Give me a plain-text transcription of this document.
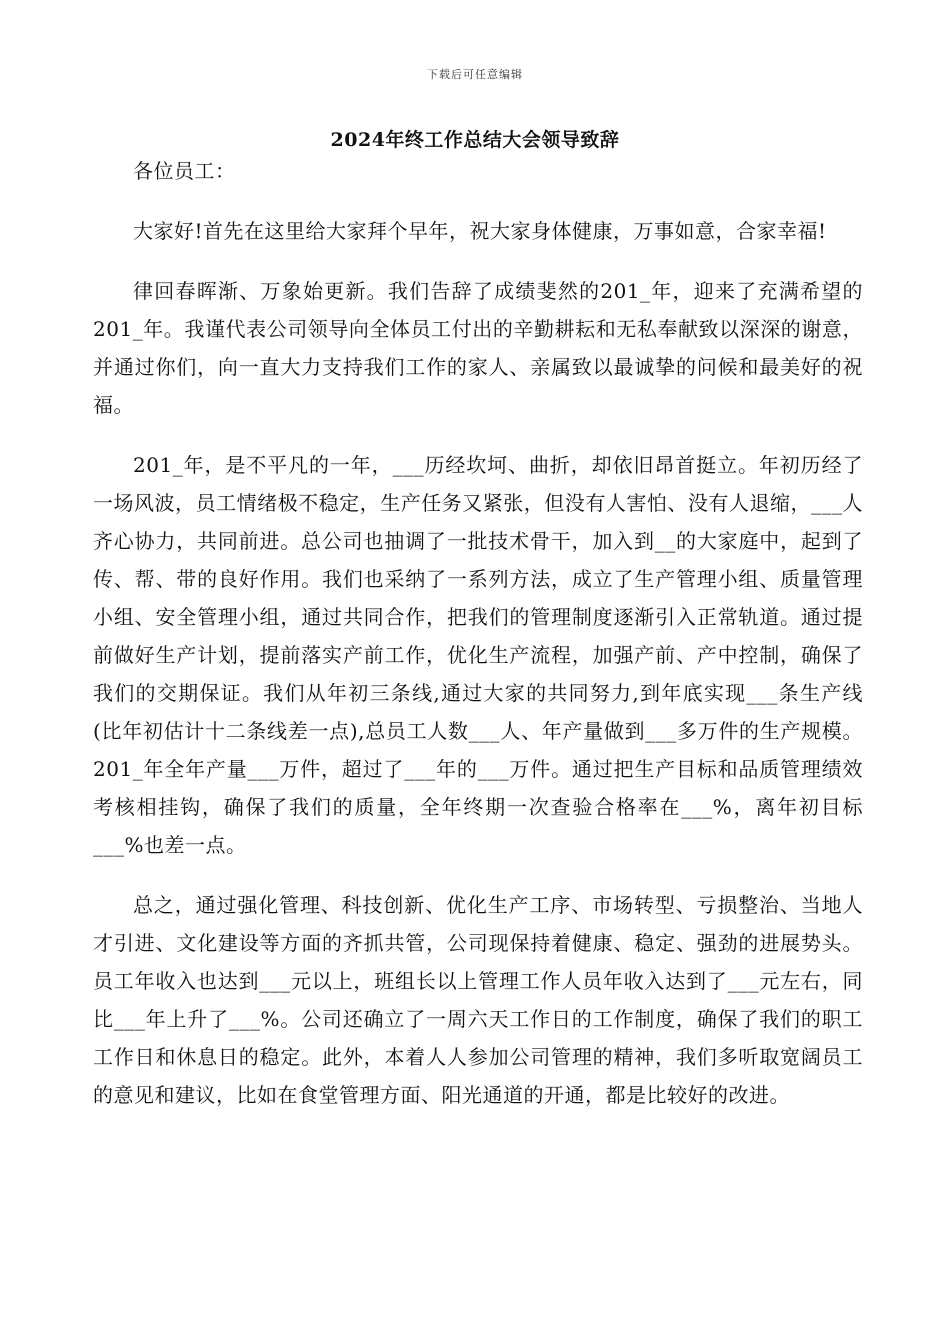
下载后可任意编辑
2024年终工作总结大会领导致辞

各位员工：

大家好!首先在这里给大家拜个早年，祝大家身体健康，万事如意，合家幸福!

律回春晖渐、万象始更新。我们告辞了成绩斐然的201_年，迎来了充满希望的201_年。我谨代表公司领导向全体员工付出的辛勤耕耘和无私奉献致以深深的谢意，并通过你们，向一直大力支持我们工作的家人、亲属致以最诚挚的问候和最美好的祝福。

201_年，是不平凡的一年，___历经坎坷、曲折，却依旧昂首挺立。年初历经了一场风波，员工情绪极不稳定，生产任务又紧张，但没有人害怕、没有人退缩，___人齐心协力，共同前进。总公司也抽调了一批技术骨干，加入到__的大家庭中，起到了传、帮、带的良好作用。我们也采纳了一系列方法，成立了生产管理小组、质量管理小组、安全管理小组，通过共同合作，把我们的管理制度逐渐引入正常轨道。通过提前做好生产计划，提前落实产前工作，优化生产流程，加强产前、产中控制，确保了我们的交期保证。我们从年初三条线,通过大家的共同努力,到年底实现___条生产线(比年初估计十二条线差一点),总员工人数___人、年产量做到___多万件的生产规模。201_年全年产量___万件，超过了___年的___万件。通过把生产目标和品质管理绩效考核相挂钩，确保了我们的质量，全年终期一次查验合格率在___%，离年初目标___%也差一点。

总之，通过强化管理、科技创新、优化生产工序、市场转型、亏损整治、当地人才引进、文化建设等方面的齐抓共管，公司现保持着健康、稳定、强劲的进展势头。员工年收入也达到___元以上，班组长以上管理工作人员年收入达到了___元左右，同比___年上升了___%。公司还确立了一周六天工作日的工作制度，确保了我们的职工工作日和休息日的稳定。此外，本着人人参加公司管理的精神，我们多听取宽阔员工的意见和建议，比如在食堂管理方面、阳光通道的开通，都是比较好的改进。
